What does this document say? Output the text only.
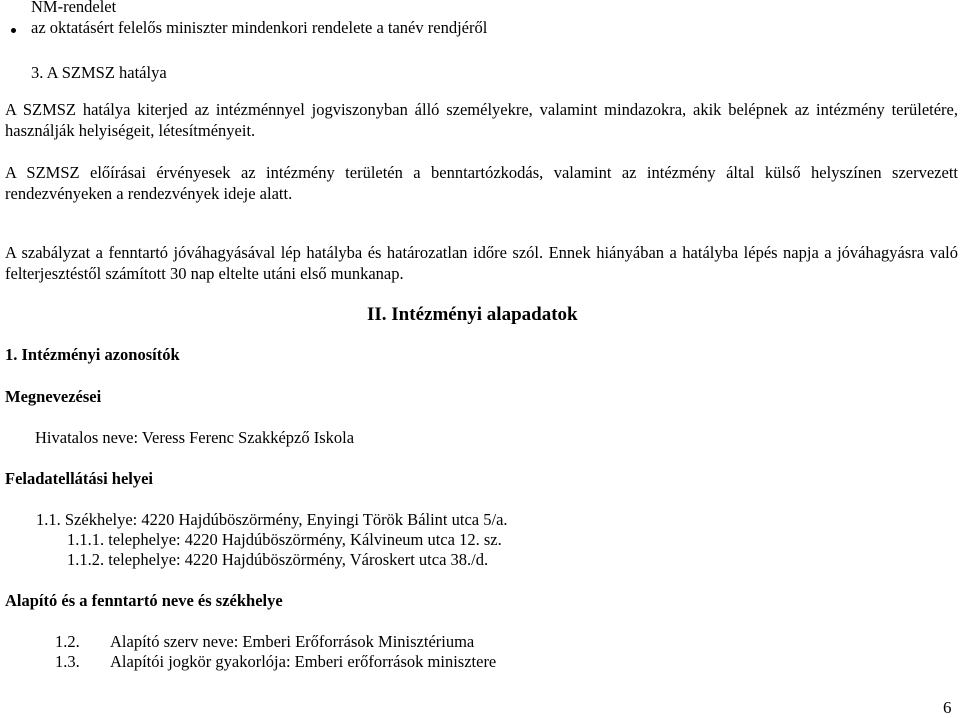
NM-rendelet
az oktatásért felelős miniszter mindenkori rendelete a tanév rendjéről
3. A SZMSZ hatálya
A SZMSZ hatálya kiterjed az intézménnyel jogviszonyban álló személyekre, valamint mindazokra, akik belépnek az intézmény területére, használják helyiségeit, létesítményeit.
A SZMSZ előírásai érvényesek az intézmény területén a benntartózkodás, valamint az intézmény által külső helyszínen szervezett rendezvényeken a rendezvények ideje alatt.
A szabályzat a fenntartó jóváhagyásával lép hatályba és határozatlan időre szól. Ennek hiányában a hatályba lépés napja a jóváhagyásra való felterjesztéstől számított 30 nap eltelte utáni első munkanap.
II. Intézményi alapadatok
1. Intézményi azonosítók
Megnevezései
Hivatalos neve: Veress Ferenc Szakképző Iskola
Feladatellátási helyei
1.1. Székhelye: 4220 Hajdúböszörmény, Enyingi Török Bálint utca 5/a.
1.1.1. telephelye: 4220 Hajdúböszörmény, Kálvineum utca 12. sz.
1.1.2. telephelye: 4220 Hajdúböszörmény, Városkert utca 38./d.
Alapító és a fenntartó neve és székhelye
1.2. Alapító szerv neve: Emberi Erőforrások Minisztériuma
1.3. Alapítói jogkör gyakorlója: Emberi erőforrások minisztere
6
